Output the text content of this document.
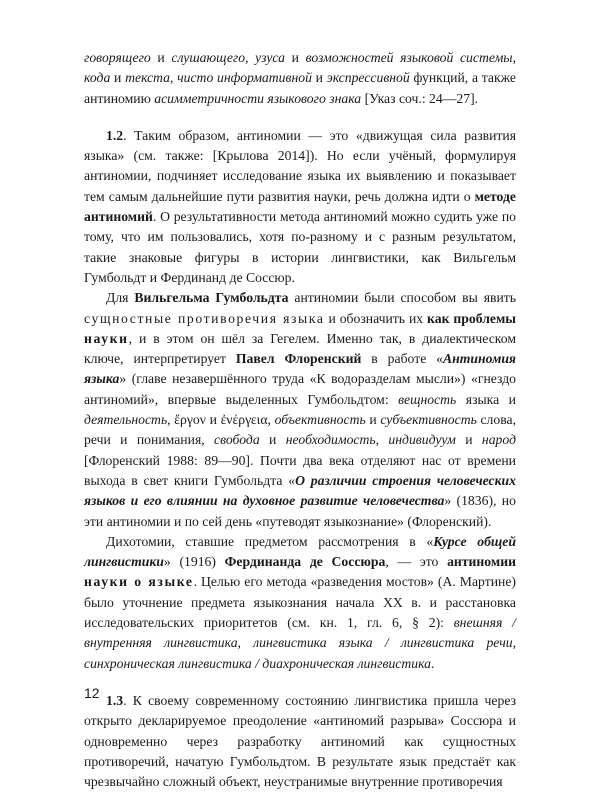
говорящего и слушающего, узуса и возможностей языковой системы, кода и текста, чисто информативной и экспрессивной функций, а также антиномию асимметричности языкового знака [Указ соч.: 24—27].

1.2. Таким образом, антиномии — это «движущая сила развития языка» (см. также: [Крылова 2014]). Но если учёный, формулируя антиномии, подчиняет исследование языка их выявлению и показывает тем самым дальнейшие пути развития науки, речь должна идти о методе антиномий. О результативности метода антиномий можно судить уже по тому, что им пользовались, хотя по-разному и с разным результатом, такие знаковые фигуры в истории лингвистики, как Вильгельм Гумбольдт и Фердинанд де Соссюр.

Для Вильгельма Гумбольдта антиномии были способом вы явить сущностные противоречия языка и обозначить их как проблемы науки, и в этом он шёл за Гегелем. Именно так, в диалектическом ключе, интерпретирует Павел Флоренский в работе «Антиномия языка» (главе незавершённого труда «К водоразделам мысли») «гнездо антиномий», впервые выделенных Гумбольдтом: вещность языка и деятельность, ἔργον и ἐνέργεια, объективность и субъективность слова, речи и понимания, свобода и необходимость, индивидуум и народ [Флоренский 1988: 89—90]. Почти два века отделяют нас от времени выхода в свет книги Гумбольдта «О различии строения человеческих языков и его влиянии на духовное развитие человечества» (1836), но эти антиномии и по сей день «путеводят языкознание» (Флоренский).

Дихотомии, ставшие предметом рассмотрения в «Курсе общей лингвистики» (1916) Фердинанда де Соссюра, — это антиномии науки о языке. Целью его метода «разведения мостов» (А. Мартине) было уточнение предмета языкознания начала XX в. и расстановка исследовательских приоритетов (см. кн. 1, гл. 6, § 2): внешняя / внутренняя лингвистика, лингвистика языка / лингвистика речи, синхроническая лингвистика / диахроническая лингвистика.

1.3. К своему современному состоянию лингвистика пришла через открыто декларируемое преодоление «антиномий разрыва» Соссюра и одновременно через разработку антиномий как сущностных противоречий, начатую Гумбольдтом. В результате язык предстаёт как чрезвычайно сложный объект, неустранимые внутренние противоречия

12
